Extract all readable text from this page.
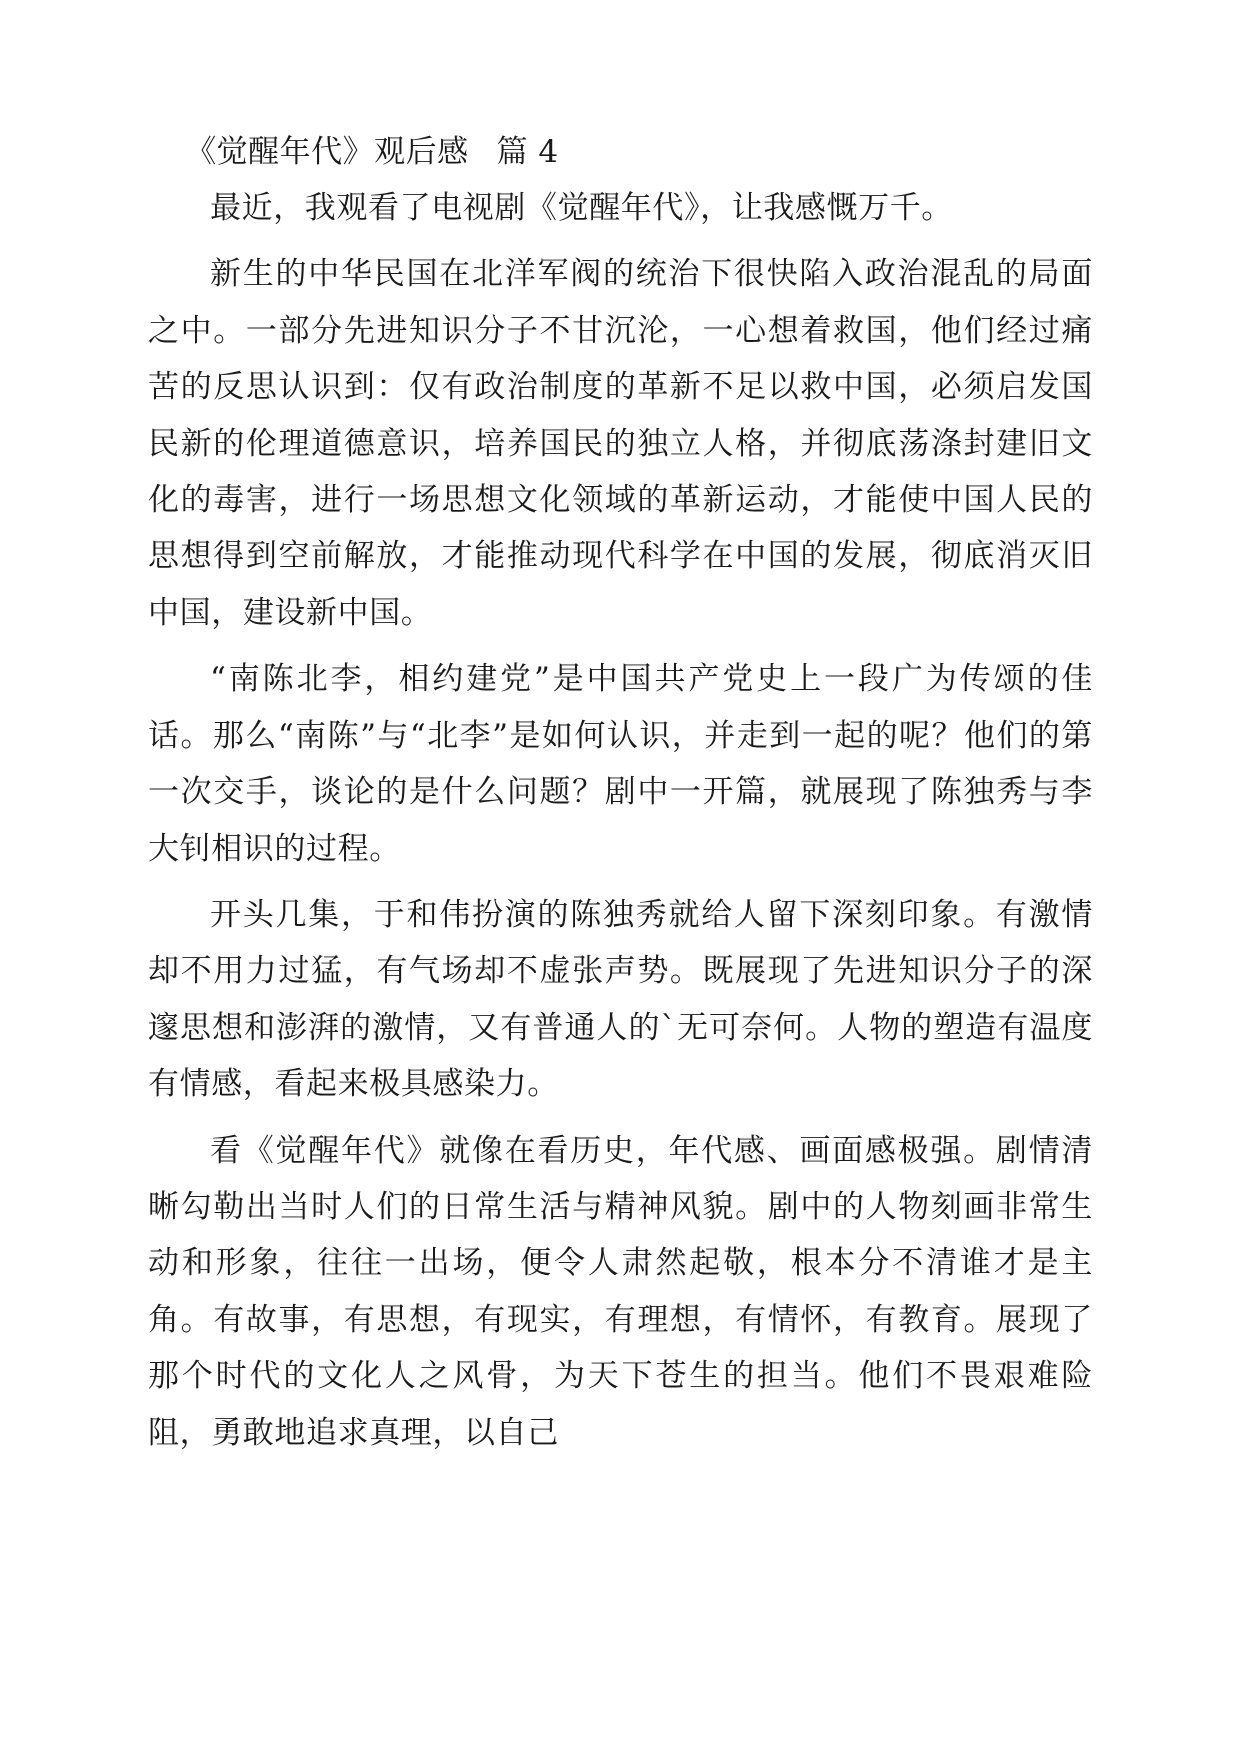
《觉醒年代》观后感 篇 4

最近，我观看了电视剧《觉醒年代》，让我感慨万千。

新生的中华民国在北洋军阀的统治下很快陷入政治混乱的局面之中。一部分先进知识分子不甘沉沦，一心想着救国，他们经过痛苦的反思认识到：仅有政治制度的革新不足以救中国，必须启发国民新的伦理道德意识，培养国民的独立人格，并彻底荡涤封建旧文化的毒害，进行一场思想文化领域的革新运动，才能使中国人民的思想得到空前解放，才能推动现代科学在中国的发展，彻底消灭旧中国，建设新中国。

“南陈北李，相约建党”是中国共产党史上一段广为传颂的佳话。那么“南陈”与“北李”是如何认识，并走到一起的呢？他们的第一次交手，谈论的是什么问题？剧中一开篇，就展现了陈独秀与李大钊相识的过程。

开头几集，于和伟扮演的陈独秀就给人留下深刻印象。有激情却不用力过猛，有气场却不虚张声势。既展现了先进知识分子的深邃思想和澎湃的激情，又有普通人的`无可奈何。人物的塑造有温度有情感，看起来极具感染力。

看《觉醒年代》就像在看历史，年代感、画面感极强。剧情清晰勾勒出当时人们的日常生活与精神风貌。剧中的人物刻画非常生动和形象，往往一出场，便令人肃然起敬，根本分不清谁才是主角。有故事，有思想，有现实，有理想，有情怀，有教育。展现了那个时代的文化人之风骨，为天下苍生的担当。他们不畏艰难险阻，勇敢地追求真理，以自己
